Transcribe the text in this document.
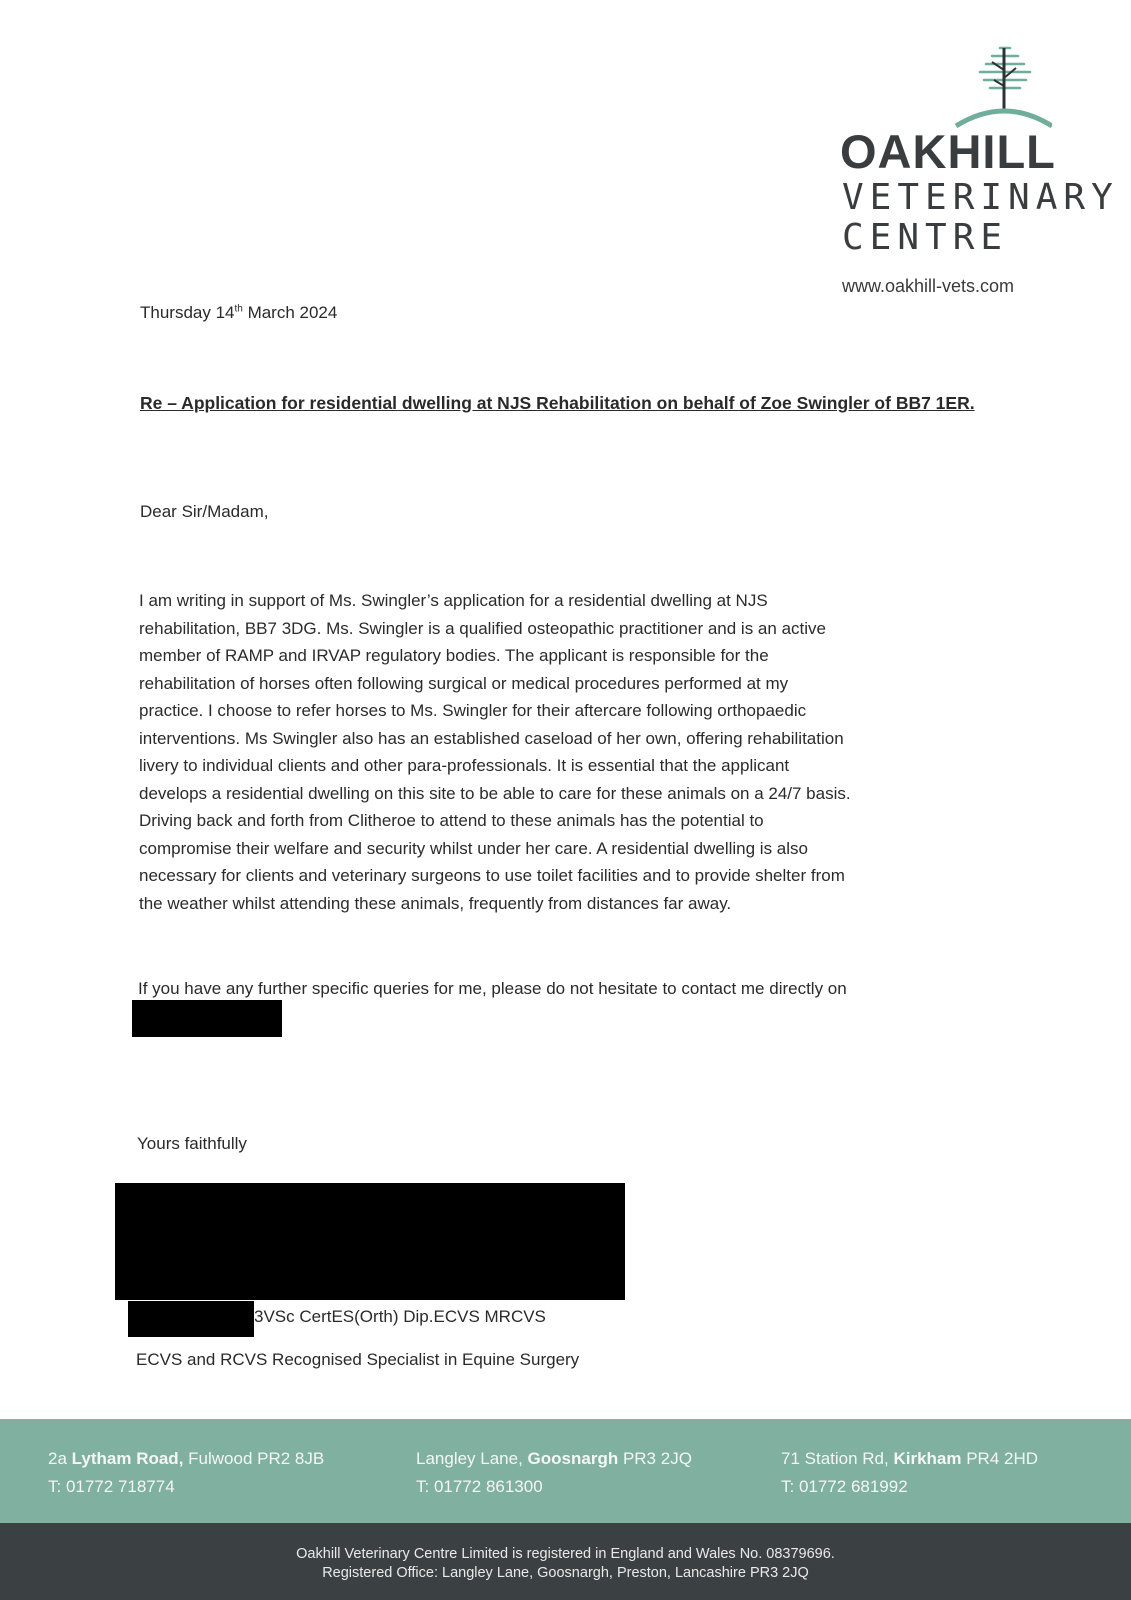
OAKHILL
VETERINARY
CENTRE
www.oakhill-vets.com
Thursday 14th March 2024
Re – Application for residential dwelling at NJS Rehabilitation on behalf of Zoe Swingler of BB7 1ER.
Dear Sir/Madam,
I am writing in support of Ms. Swingler’s application for a residential dwelling at NJS
rehabilitation, BB7 3DG. Ms. Swingler is a qualified osteopathic practitioner and is an active
member of RAMP and IRVAP regulatory bodies. The applicant is responsible for the
rehabilitation of horses often following surgical or medical procedures performed at my
practice. I choose to refer horses to Ms. Swingler for their aftercare following orthopaedic
interventions. Ms Swingler also has an established caseload of her own, offering rehabilitation
livery to individual clients and other para-professionals. It is essential that the applicant
develops a residential dwelling on this site to be able to care for these animals on a 24/7 basis.
Driving back and forth from Clitheroe to attend to these animals has the potential to
compromise their welfare and security whilst under her care. A residential dwelling is also
necessary for clients and veterinary surgeons to use toilet facilities and to provide shelter from
the weather whilst attending these animals, frequently from distances far away.
If you have any further specific queries for me, please do not hesitate to contact me directly on
Yours faithfully
3VSc CertES(Orth) Dip.ECVS MRCVS
ECVS and RCVS Recognised Specialist in Equine Surgery
2a Lytham Road, Fulwood PR2 8JB
T: 01772 718774
Langley Lane, Goosnargh PR3 2JQ
T: 01772 861300
71 Station Rd, Kirkham PR4 2HD
T: 01772 681992
Oakhill Veterinary Centre Limited is registered in England and Wales No. 08379696.
Registered Office: Langley Lane, Goosnargh, Preston, Lancashire PR3 2JQ
